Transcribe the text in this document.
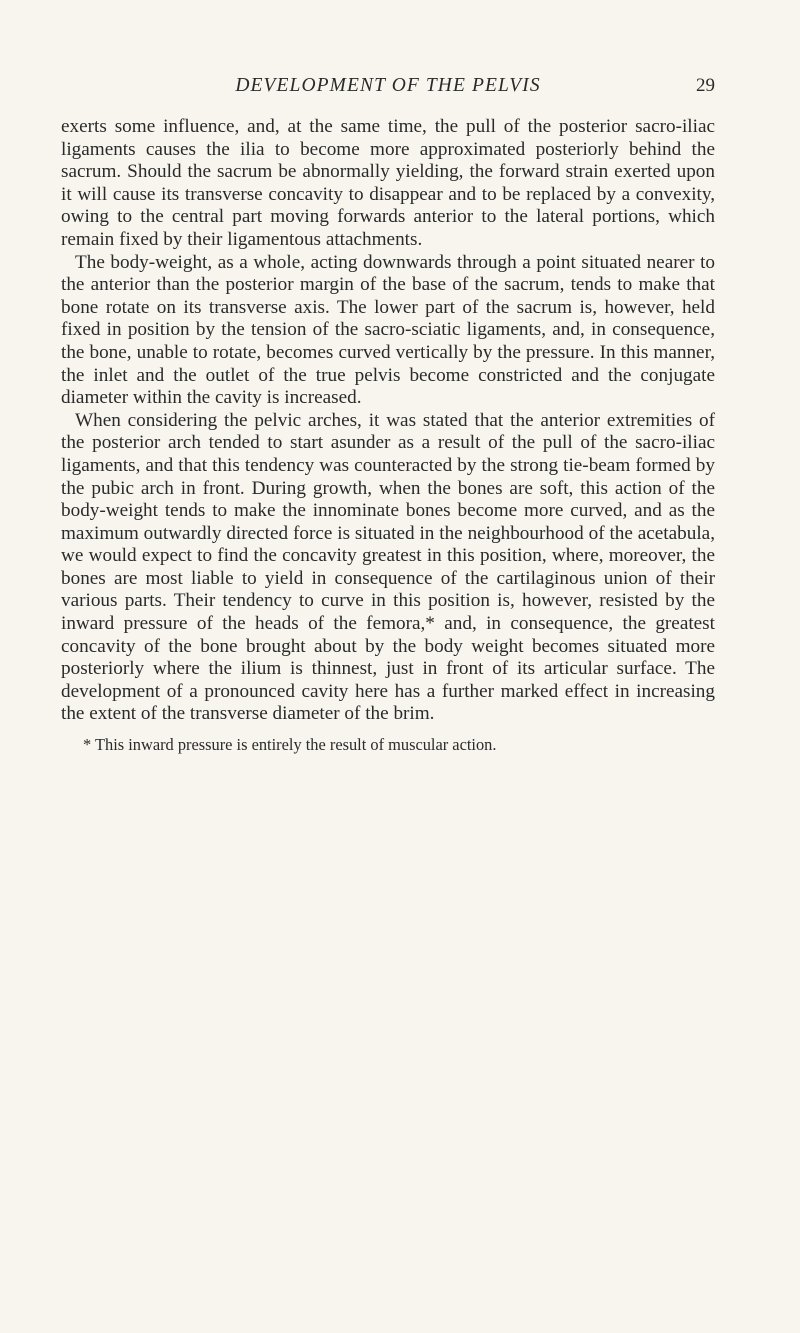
DEVELOPMENT OF THE PELVIS	29

exerts some influence, and, at the same time, the pull of the posterior sacro-iliac ligaments causes the ilia to become more approximated posteriorly behind the sacrum. Should the sacrum be abnormally yielding, the forward strain exerted upon it will cause its transverse concavity to disappear and to be replaced by a convexity, owing to the central part moving forwards anterior to the lateral portions, which remain fixed by their ligamentous attachments.

The body-weight, as a whole, acting downwards through a point situated nearer to the anterior than the posterior margin of the base of the sacrum, tends to make that bone rotate on its transverse axis. The lower part of the sacrum is, however, held fixed in position by the tension of the sacro-sciatic ligaments, and, in consequence, the bone, unable to rotate, becomes curved vertically by the pressure. In this manner, the inlet and the outlet of the true pelvis become constricted and the conjugate diameter within the cavity is increased.

When considering the pelvic arches, it was stated that the anterior extremities of the posterior arch tended to start asunder as a result of the pull of the sacro-iliac ligaments, and that this tendency was counteracted by the strong tie-beam formed by the pubic arch in front. During growth, when the bones are soft, this action of the body-weight tends to make the innominate bones become more curved, and as the maximum outwardly directed force is situated in the neighbourhood of the acetabula, we would expect to find the concavity greatest in this position, where, moreover, the bones are most liable to yield in consequence of the cartilaginous union of their various parts. Their tendency to curve in this position is, however, resisted by the inward pressure of the heads of the femora,* and, in consequence, the greatest concavity of the bone brought about by the body weight becomes situated more posteriorly where the ilium is thinnest, just in front of its articular surface. The development of a pronounced cavity here has a further marked effect in increasing the extent of the transverse diameter of the brim.

* This inward pressure is entirely the result of muscular action.
